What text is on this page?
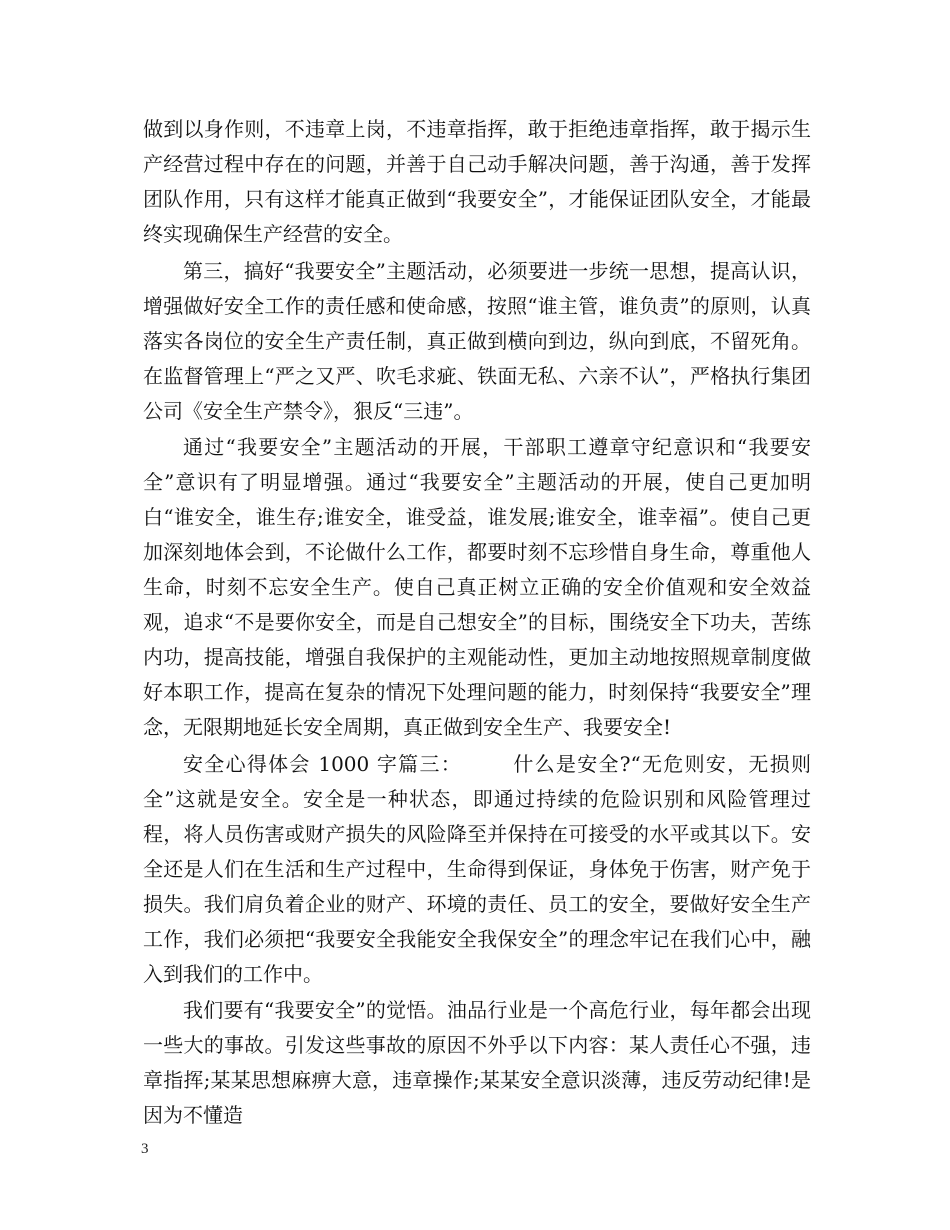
做到以身作则，不违章上岗，不违章指挥，敢于拒绝违章指挥，敢于揭示生产经营过程中存在的问题，并善于自己动手解决问题，善于沟通，善于发挥团队作用，只有这样才能真正做到“我要安全”，才能保证团队安全，才能最终实现确保生产经营的安全。

第三，搞好“我要安全”主题活动，必须要进一步统一思想，提高认识，增强做好安全工作的责任感和使命感，按照“谁主管，谁负责”的原则，认真落实各岗位的安全生产责任制，真正做到横向到边，纵向到底，不留死角。在监督管理上“严之又严、吹毛求疵、铁面无私、六亲不认”，严格执行集团公司《安全生产禁令》，狠反“三违”。

通过“我要安全”主题活动的开展，干部职工遵章守纪意识和“我要安全”意识有了明显增强。通过“我要安全”主题活动的开展，使自己更加明白“谁安全，谁生存;谁安全，谁受益，谁发展;谁安全，谁幸福”。使自己更加深刻地体会到，不论做什么工作，都要时刻不忘珍惜自身生命，尊重他人生命，时刻不忘安全生产。使自己真正树立正确的安全价值观和安全效益观，追求“不是要你安全，而是自己想安全”的目标，围绕安全下功夫，苦练内功，提高技能，增强自我保护的主观能动性，更加主动地按照规章制度做好本职工作，提高在复杂的情况下处理问题的能力，时刻保持“我要安全”理念，无限期地延长安全周期，真正做到安全生产、我要安全!

安全心得体会 1000 字篇三：	什么是安全?“无危则安，无损则全”这就是安全。安全是一种状态，即通过持续的危险识别和风险管理过程，将人员伤害或财产损失的风险降至并保持在可接受的水平或其以下。安全还是人们在生活和生产过程中，生命得到保证，身体免于伤害，财产免于损失。我们肩负着企业的财产、环境的责任、员工的安全，要做好安全生产工作，我们必须把“我要安全我能安全我保安全”的理念牢记在我们心中，融入到我们的工作中。

我们要有“我要安全”的觉悟。油品行业是一个高危行业，每年都会出现一些大的事故。引发这些事故的原因不外乎以下内容：某人责任心不强，违章指挥;某某思想麻痹大意，违章操作;某某安全意识淡薄，违反劳动纪律!是因为不懂造

3
